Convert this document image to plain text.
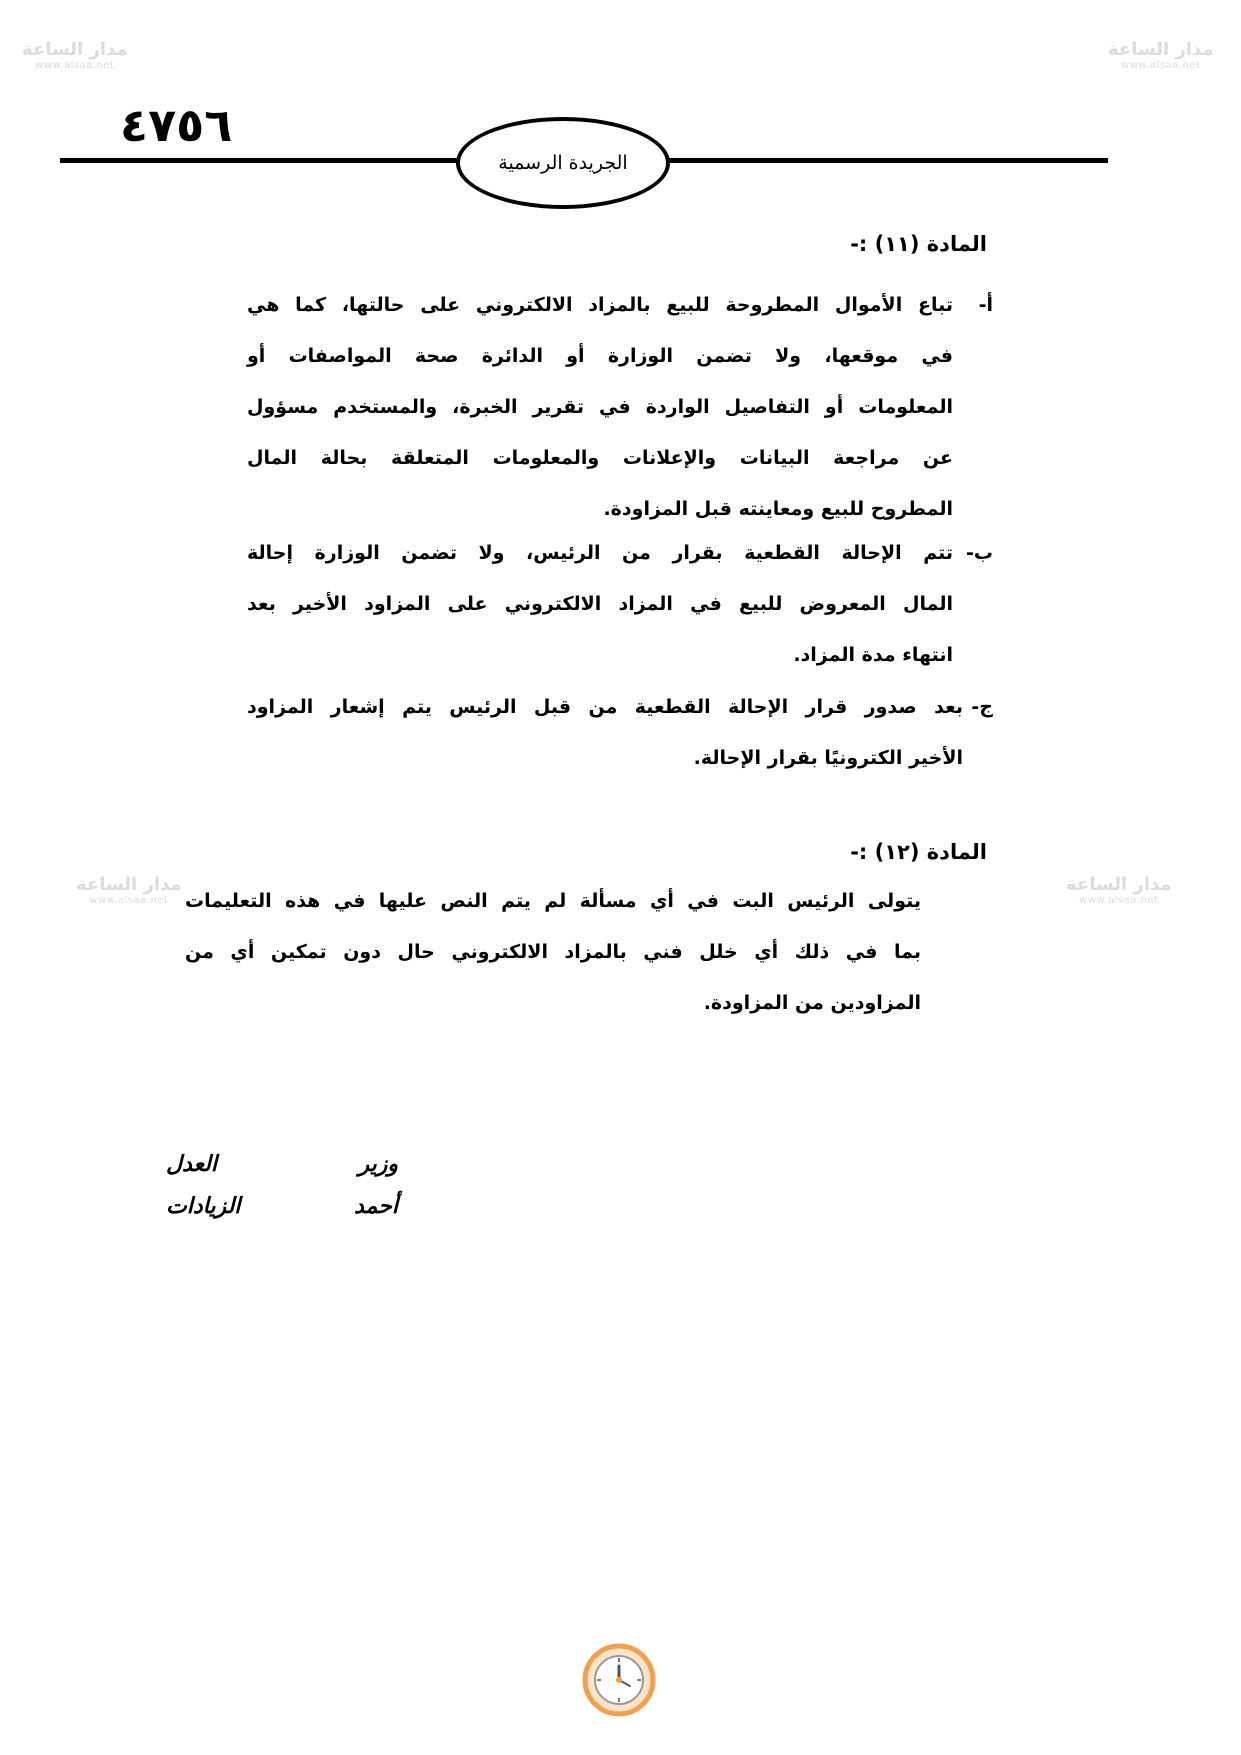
مدار الساعة
www.alsaa.net
مدار الساعة
www.alsaa.net
مدار الساعة
www.alsaa.net
مدار الساعة
www.alsaa.net
٤٧٥٦
الجريدة الرسمية
المادة (١١) :-
أ-

تباع الأموال المطروحة للبيع بالمزاد الالكتروني على حالتها، كما هي

في موقعها، ولا تضمن الوزارة أو الدائرة صحة المواصفات أو

المعلومات أو التفاصيل الواردة في تقرير الخبرة، والمستخدم مسؤول

عن مراجعة البيانات والإعلانات والمعلومات المتعلقة بحالة المال

المطروح للبيع ومعاينته قبل المزاودة.

ب-

تتم الإحالة القطعية بقرار من الرئيس، ولا تضمن الوزارة إحالة

المال المعروض للبيع في المزاد الالكتروني على المزاود الأخير بعد

انتهاء مدة المزاد.

ج-

بعد صدور قرار الإحالة القطعية من قبل الرئيس يتم إشعار المزاود

الأخير الكترونيًا بقرار الإحالة.

المادة (١٢) :-

يتولى الرئيس البت في أي مسألة لم يتم النص عليها في هذه التعليمات

بما في ذلك أي خلل فني بالمزاد الالكتروني حال دون تمكين أي من

المزاودين من المزاودة.

وزير العدل
أحمد الزيادات
